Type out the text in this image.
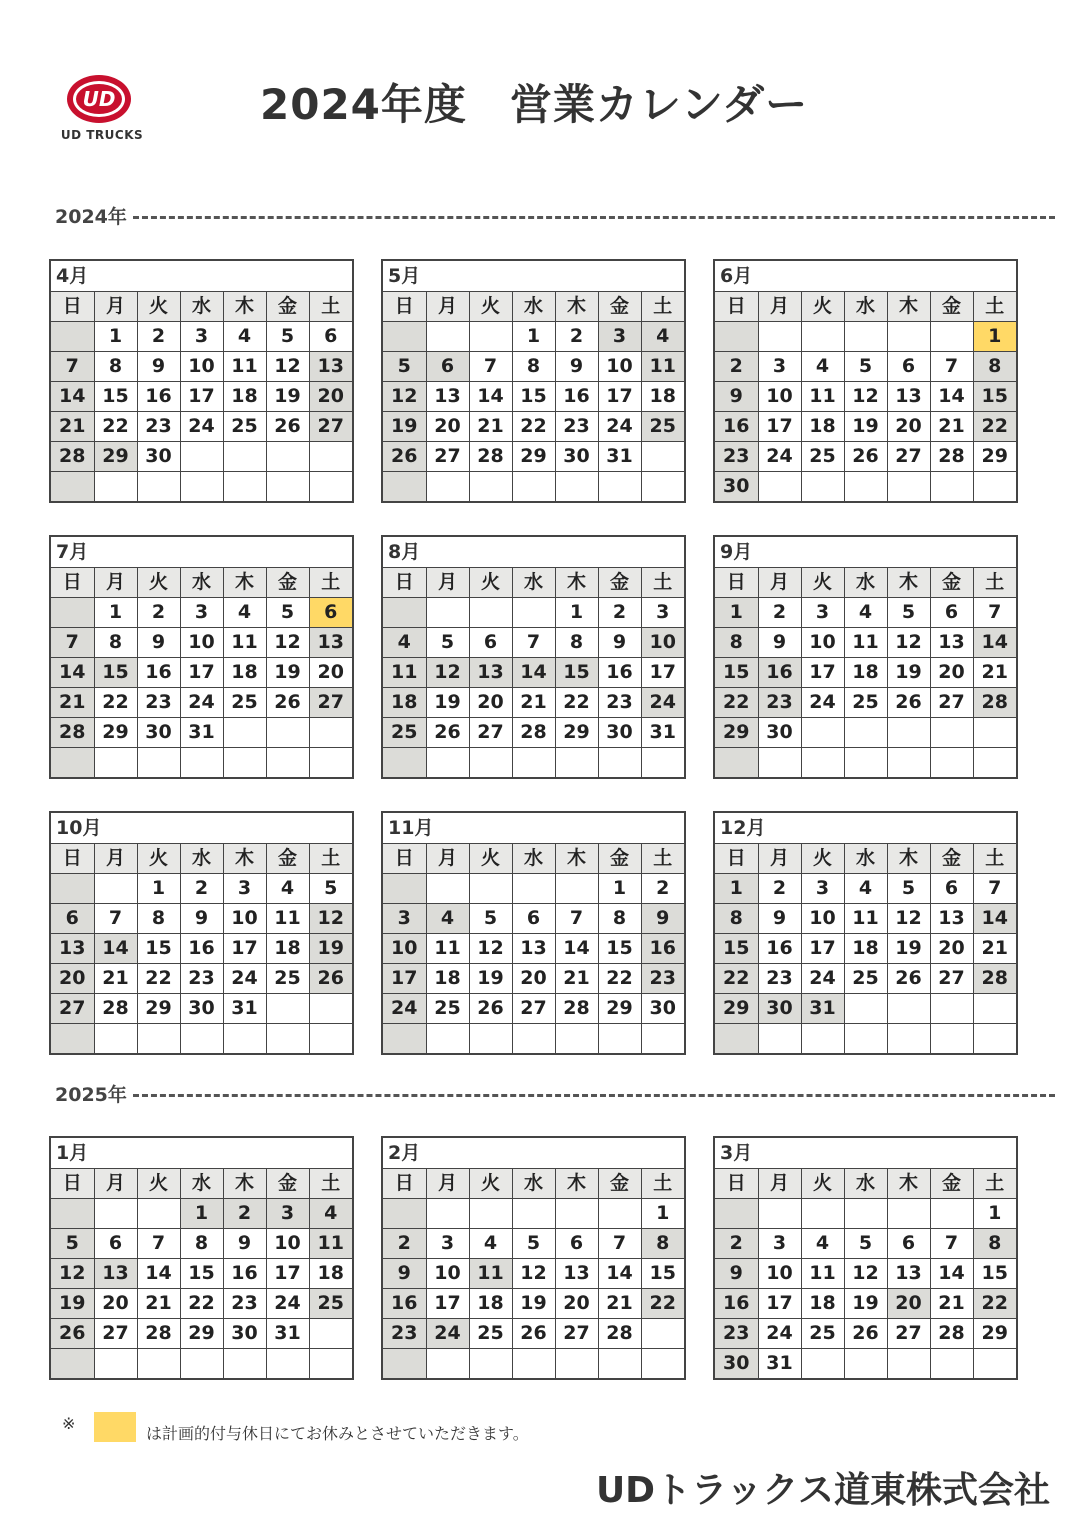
UD
UD TRUCKS
2024年度　営業カレンダー
2024年
2025年
4月
日	月	火	水	木	金	土
	1	2	3	4	5	6
7	8	9	10	11	12	13
14	15	16	17	18	19	20
21	22	23	24	25	26	27
28	29	30				

5月
日	月	火	水	木	金	土
			1	2	3	4
5	6	7	8	9	10	11
12	13	14	15	16	17	18
19	20	21	22	23	24	25
26	27	28	29	30	31	

6月
日	月	火	水	木	金	土
						1
2	3	4	5	6	7	8
9	10	11	12	13	14	15
16	17	18	19	20	21	22
23	24	25	26	27	28	29
30						
7月
日	月	火	水	木	金	土
	1	2	3	4	5	6
7	8	9	10	11	12	13
14	15	16	17	18	19	20
21	22	23	24	25	26	27
28	29	30	31			

8月
日	月	火	水	木	金	土
				1	2	3
4	5	6	7	8	9	10
11	12	13	14	15	16	17
18	19	20	21	22	23	24
25	26	27	28	29	30	31

9月
日	月	火	水	木	金	土
1	2	3	4	5	6	7
8	9	10	11	12	13	14
15	16	17	18	19	20	21
22	23	24	25	26	27	28
29	30					

10月
日	月	火	水	木	金	土
		1	2	3	4	5
6	7	8	9	10	11	12
13	14	15	16	17	18	19
20	21	22	23	24	25	26
27	28	29	30	31		

11月
日	月	火	水	木	金	土
					1	2
3	4	5	6	7	8	9
10	11	12	13	14	15	16
17	18	19	20	21	22	23
24	25	26	27	28	29	30

12月
日	月	火	水	木	金	土
1	2	3	4	5	6	7
8	9	10	11	12	13	14
15	16	17	18	19	20	21
22	23	24	25	26	27	28
29	30	31				

1月
日	月	火	水	木	金	土
			1	2	3	4
5	6	7	8	9	10	11
12	13	14	15	16	17	18
19	20	21	22	23	24	25
26	27	28	29	30	31	

2月
日	月	火	水	木	金	土
						1
2	3	4	5	6	7	8
9	10	11	12	13	14	15
16	17	18	19	20	21	22
23	24	25	26	27	28	

3月
日	月	火	水	木	金	土
						1
2	3	4	5	6	7	8
9	10	11	12	13	14	15
16	17	18	19	20	21	22
23	24	25	26	27	28	29
30	31					
※
は計画的付与休日にてお休みとさせていただきます。
UDトラックス道東株式会社
